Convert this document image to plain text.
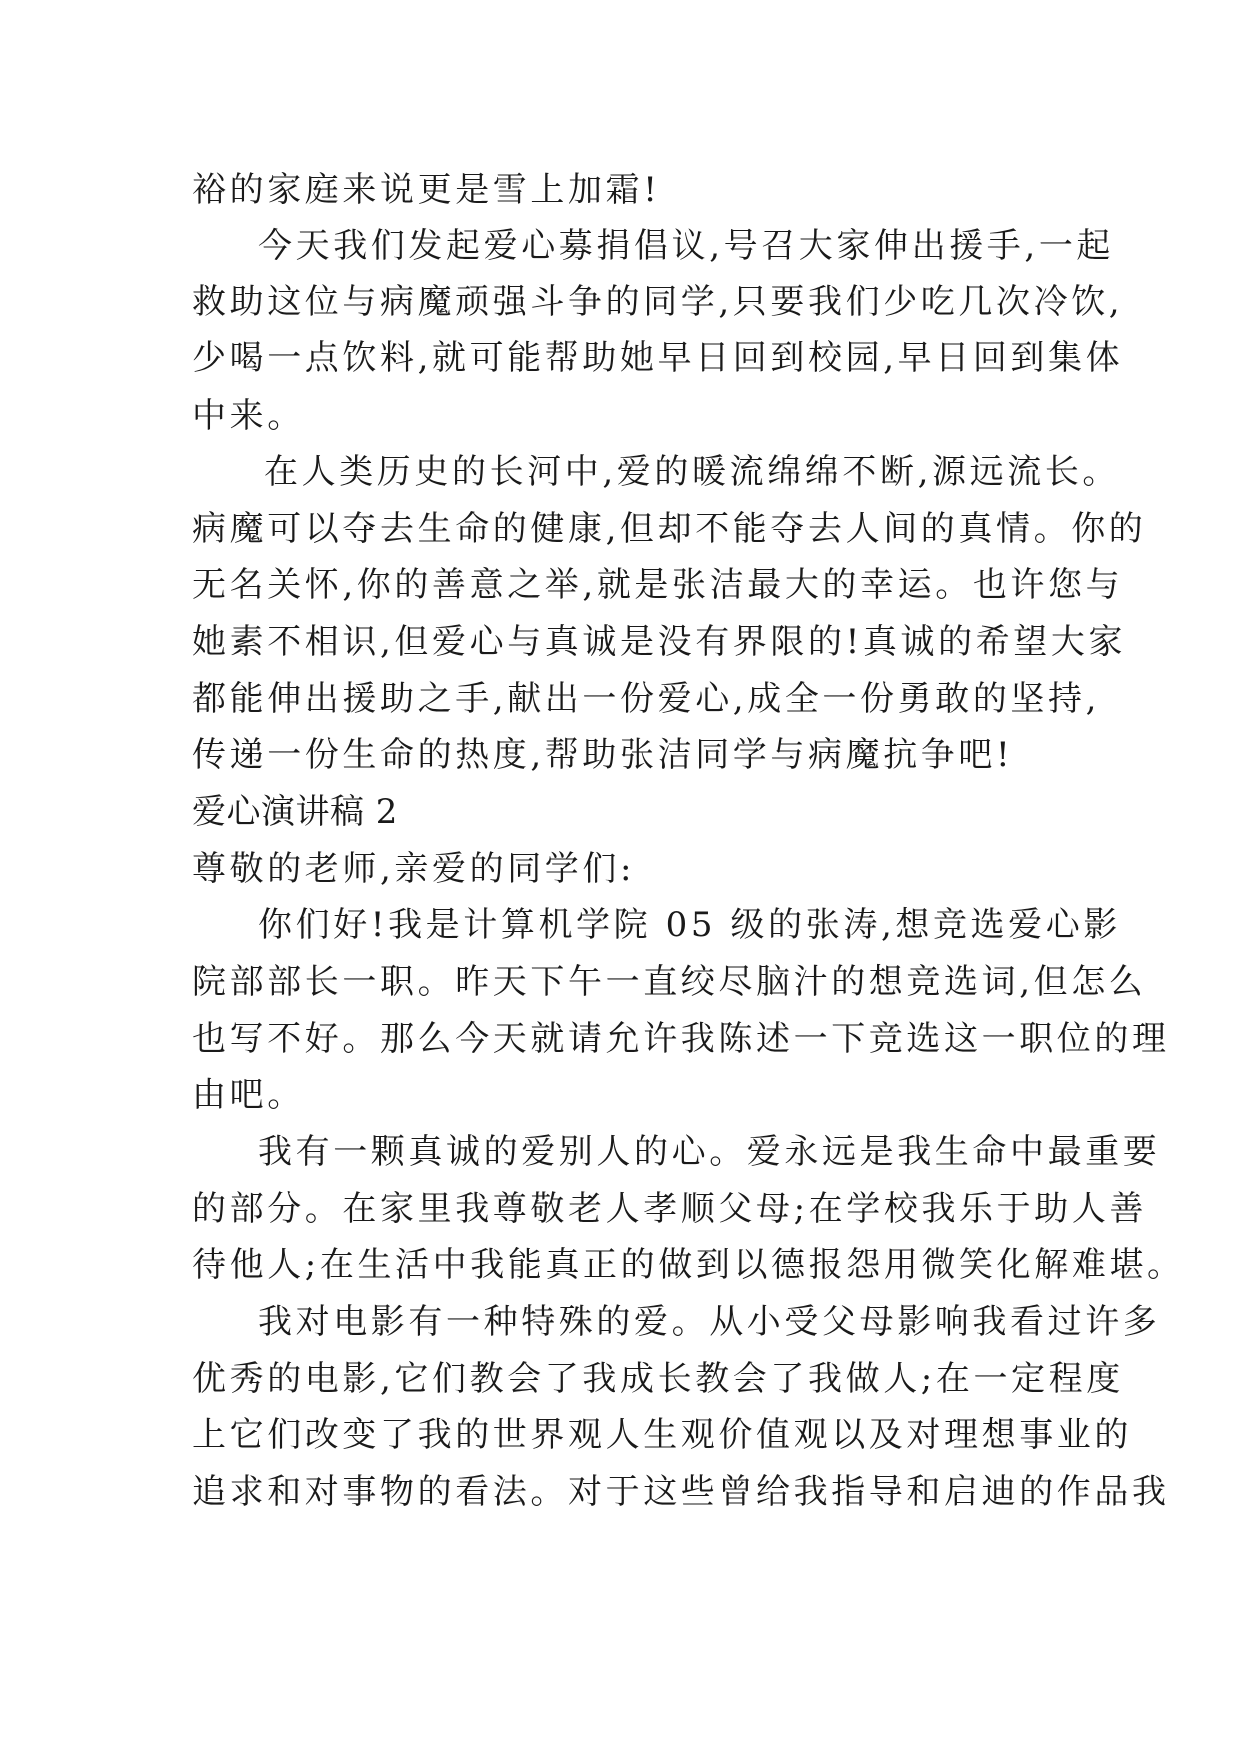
裕的家庭来说更是雪上加霜!
今天我们发起爱心募捐倡议,号召大家伸出援手,一起
救助这位与病魔顽强斗争的同学,只要我们少吃几次冷饮,
少喝一点饮料,就可能帮助她早日回到校园,早日回到集体
中来。
在人类历史的长河中,爱的暖流绵绵不断,源远流长。
病魔可以夺去生命的健康,但却不能夺去人间的真情。你的
无名关怀,你的善意之举,就是张洁最大的幸运。也许您与
她素不相识,但爱心与真诚是没有界限的!真诚的希望大家
都能伸出援助之手,献出一份爱心,成全一份勇敢的坚持,
传递一份生命的热度,帮助张洁同学与病魔抗争吧!
爱心演讲稿 2
尊敬的老师,亲爱的同学们:
你们好!我是计算机学院 05 级的张涛,想竞选爱心影
院部部长一职。昨天下午一直绞尽脑汁的想竞选词,但怎么
也写不好。那么今天就请允许我陈述一下竞选这一职位的理
由吧。
我有一颗真诚的爱别人的心。爱永远是我生命中最重要
的部分。在家里我尊敬老人孝顺父母;在学校我乐于助人善
待他人;在生活中我能真正的做到以德报怨用微笑化解难堪。
我对电影有一种特殊的爱。从小受父母影响我看过许多
优秀的电影,它们教会了我成长教会了我做人;在一定程度
上它们改变了我的世界观人生观价值观以及对理想事业的
追求和对事物的看法。对于这些曾给我指导和启迪的作品我
